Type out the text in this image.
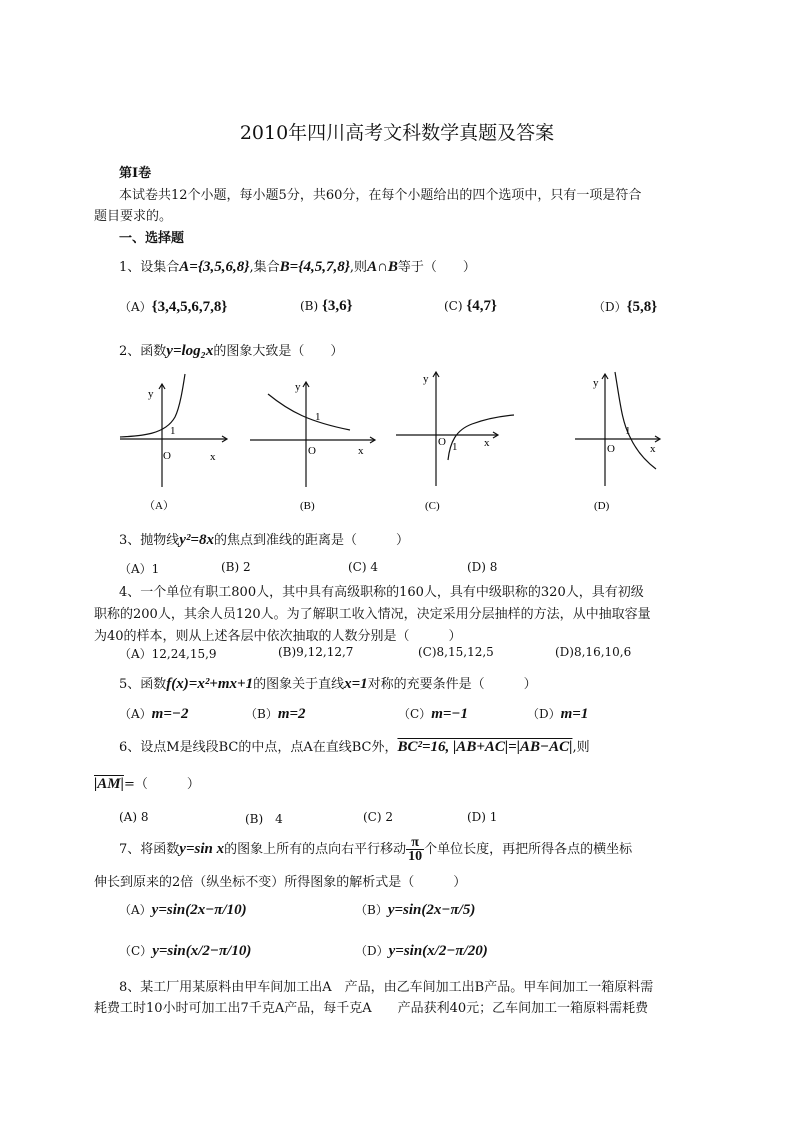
2010年四川高考文科数学真题及答案
第Ⅰ卷
本试卷共12个小题，每小题5分，共60分，在每个小题给出的四个选项中，只有一项是符合
题目要求的。
一、选择题
1、设集合A={3,5,6,8},集合B={4,5,7,8},则A∩B等于（　　）
（A）{3,4,5,6,7,8}	(B) {3,6}	(C) {4,7}	（D）{5,8}
2、函数y=log₂x的图象大致是（　　）
y
x
O
1
（A）
y
x
O
1
(B)
y
x
O 1
(C)
y
x
O
1
(D)
3、抛物线y²=8x的焦点到准线的距离是（　　　）
（A）1	(B) 2	(C) 4	(D) 8
4、一个单位有职工800人，其中具有高级职称的160人，具有中级职称的320人，具有初级
职称的200人，其余人员120人。为了解职工收入情况，决定采用分层抽样的方法，从中抽取容量
为40的样本，则从上述各层中依次抽取的人数分别是（　　　）
（A）12,24,15,9	(B)9,12,12,7	(C)8,15,12,5	(D)8,16,10,6
5、函数f(x)=x²+mx+1的图象关于直线x=1对称的充要条件是（　　　）
（A）m=−2	（B）m=2	（C）m=−1	（D）m=1
6、设点M是线段BC的中点，点A在直线BC外，BC²=16, |AB+AC|=|AB−AC|,则
|AM|=（　　　）
(A) 8	(B)　4	(C) 2	(D) 1
7、将函数y=sin x的图象上所有的点向右平行移动 $\frac{\pi}{10}$ 个单位长度，再把所得各点的横坐标
伸长到原来的2倍（纵坐标不变）所得图象的解析式是（　　　）
（A）y=sin(2x−π/10)	（B）y=sin(2x−π/5)
（C）y=sin(x/2−π/10)	（D）y=sin(x/2−π/20)
8、某工厂用某原料由甲车间加工出A　产品，由乙车间加工出B产品。甲车间加工一箱原料需
耗费工时10小时可加工出7千克A产品，每千克A　　产品获利40元；乙车间加工一箱原料需耗费
